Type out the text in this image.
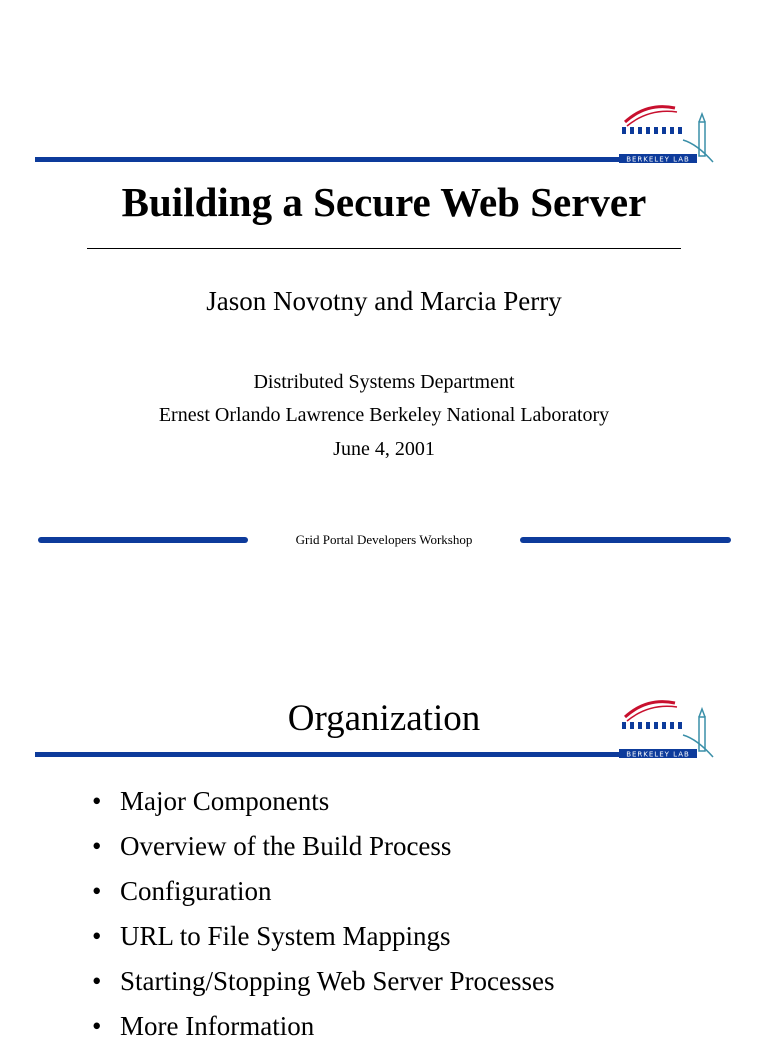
BERKELEY LAB
Building a Secure Web Server
Jason Novotny and Marcia Perry
Distributed Systems Department
Ernest Orlando Lawrence Berkeley National Laboratory
June 4, 2001
Grid Portal Developers Workshop
Organization
BERKELEY LAB
• Major Components
• Overview of the Build Process
• Configuration
• URL to File System Mappings
• Starting/Stopping Web Server Processes
• More Information
